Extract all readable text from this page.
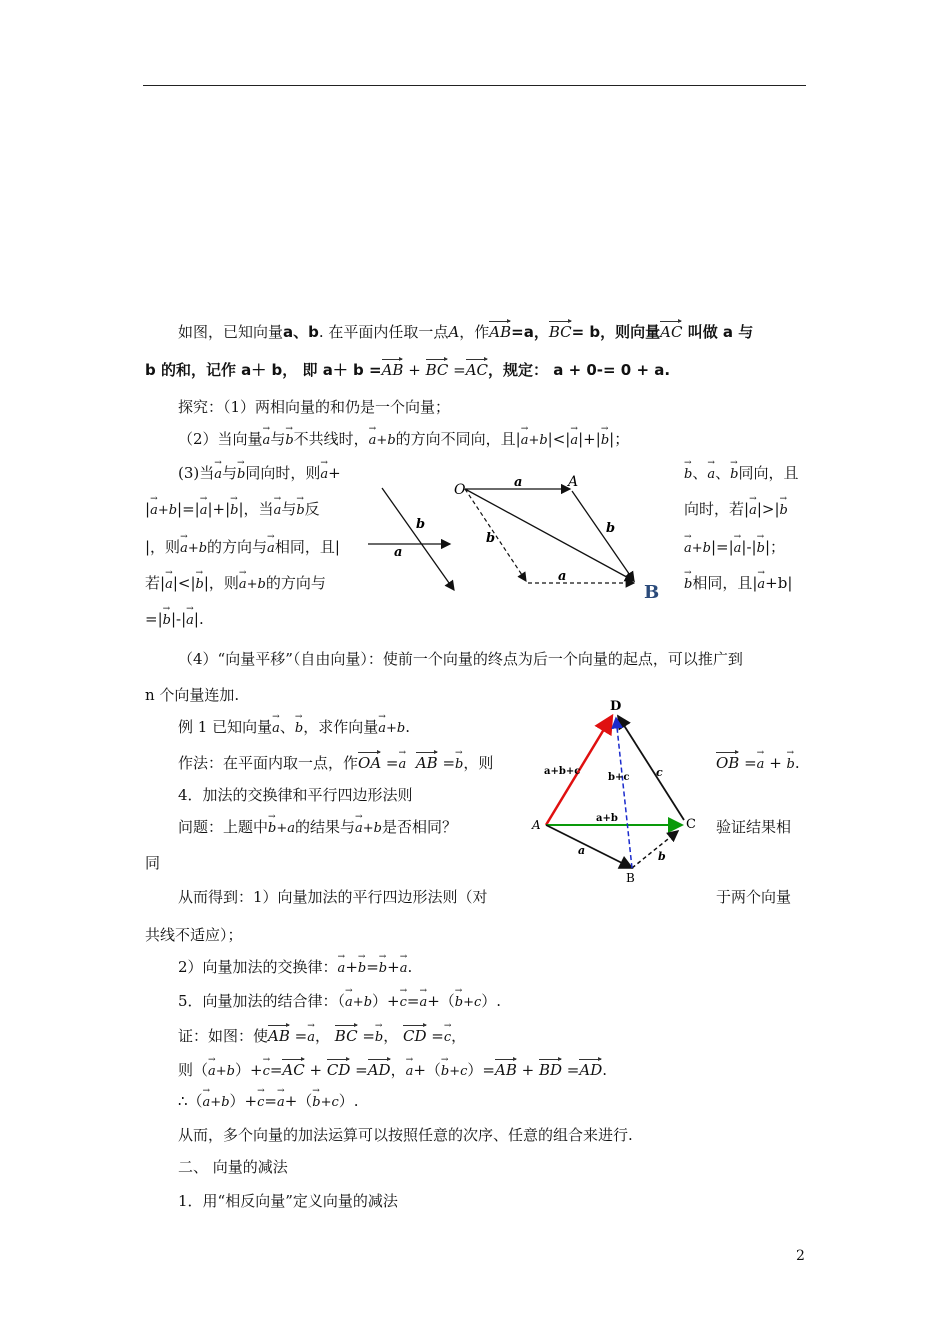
如图，已知向量a、b. 在平面内任取一点A，作AB=a，BC= b，则向量AC 叫做 a 与
b 的和，记作 a＋ b， 即 a＋ b =AB + BC =AC，规定： a + 0-= 0 + a.
探究：（1）两相向量的和仍是一个向量；
（2）当向量→ a与→ b不共线时，→ a+b的方向不同向，且|→ a+b|<|→ a|+|→ b|；
(3)当→ a与→ b同向时，则→ a+
|→ a+b|=|→ a|+|→ b|，当→ a与→ b反
|，则→ a+b的方向与→ a相同，且|
若|→ a|<|→ b|，则→ a+b的方向与
=|→ b|-|→ a|.
→ b、→ a、→ b同向，且
向时，若|→ a|>|→ b
→ a+b|=|→ a|-|→ b|；
→ b相同，且|→ a+b|
b
a
O	A
B
a
b
b
a
（4）“向量平移”（自由向量）：使前一个向量的终点为后一个向量的起点，可以推广到
n 个向量连加.
例 1 已知向量→ a、→ b，求作向量→ a+b.
作法：在平面内取一点，作OA =→ a AB =→ b，则	OB =→ a + → b.
4．加法的交换律和平行四边形法则
问题：上题中→ b+a的结果与→ a+b是否相同？	验证结果相
同
从而得到：1）向量加法的平行四边形法则（对	于两个向量
共线不适应）；
2）向量加法的交换律：→ a+→ b=→ b+→ a.
D
A
B
C
a+b+c
b+c c
a+b
a	b
5．向量加法的结合律：（→ a+b）+→ c=→ a+（→ b+c）.
证：如图：使AB =→ a， BC =→ b， CD =→ c，
则（→ a+b）+→ c=AC + CD =AD，→ a+（→ b+c）=AB + BD =AD.
∴（→ a+b）+→ c=→ a+（→ b+c）.
从而，多个向量的加法运算可以按照任意的次序、任意的组合来进行.
二、 向量的减法
1．用“相反向量”定义向量的减法
2
